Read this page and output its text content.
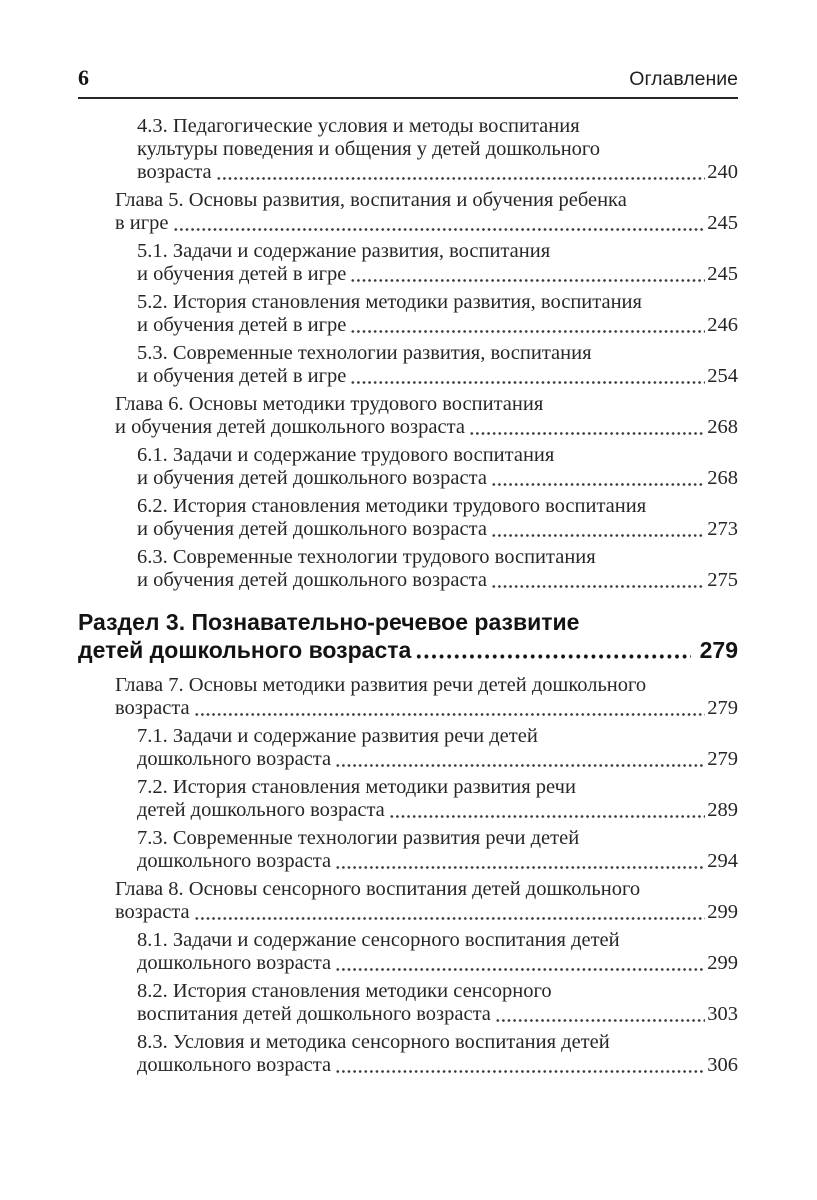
6	Оглавление
4.3. Педагогические условия и методы воспитания
культуры поведения и общения у детей дошкольного
возраста	240
Глава 5. Основы развития, воспитания и обучения ребенка
в игре	245
5.1. Задачи и содержание развития, воспитания
и обучения детей в игре	245
5.2. История становления методики развития, воспитания
и обучения детей в игре	246
5.3. Современные технологии развития, воспитания
и обучения детей в игре	254
Глава 6. Основы методики трудового воспитания
и обучения детей дошкольного возраста	268
6.1. Задачи и содержание трудового воспитания
и обучения детей дошкольного возраста	268
6.2. История становления методики трудового воспитания
и обучения детей дошкольного возраста	273
6.3. Современные технологии трудового воспитания
и обучения детей дошкольного возраста	275
Раздел 3. Познавательно-речевое развитие
детей дошкольного возраста	279
Глава 7. Основы методики развития речи детей дошкольного
возраста	279
7.1. Задачи и содержание развития речи детей
дошкольного возраста	279
7.2. История становления методики развития речи
детей дошкольного возраста	289
7.3. Современные технологии развития речи детей
дошкольного возраста	294
Глава 8. Основы сенсорного воспитания детей дошкольного
возраста	299
8.1. Задачи и содержание сенсорного воспитания детей
дошкольного возраста	299
8.2. История становления методики сенсорного
воспитания детей дошкольного возраста	303
8.3. Условия и методика сенсорного воспитания детей
дошкольного возраста	306
